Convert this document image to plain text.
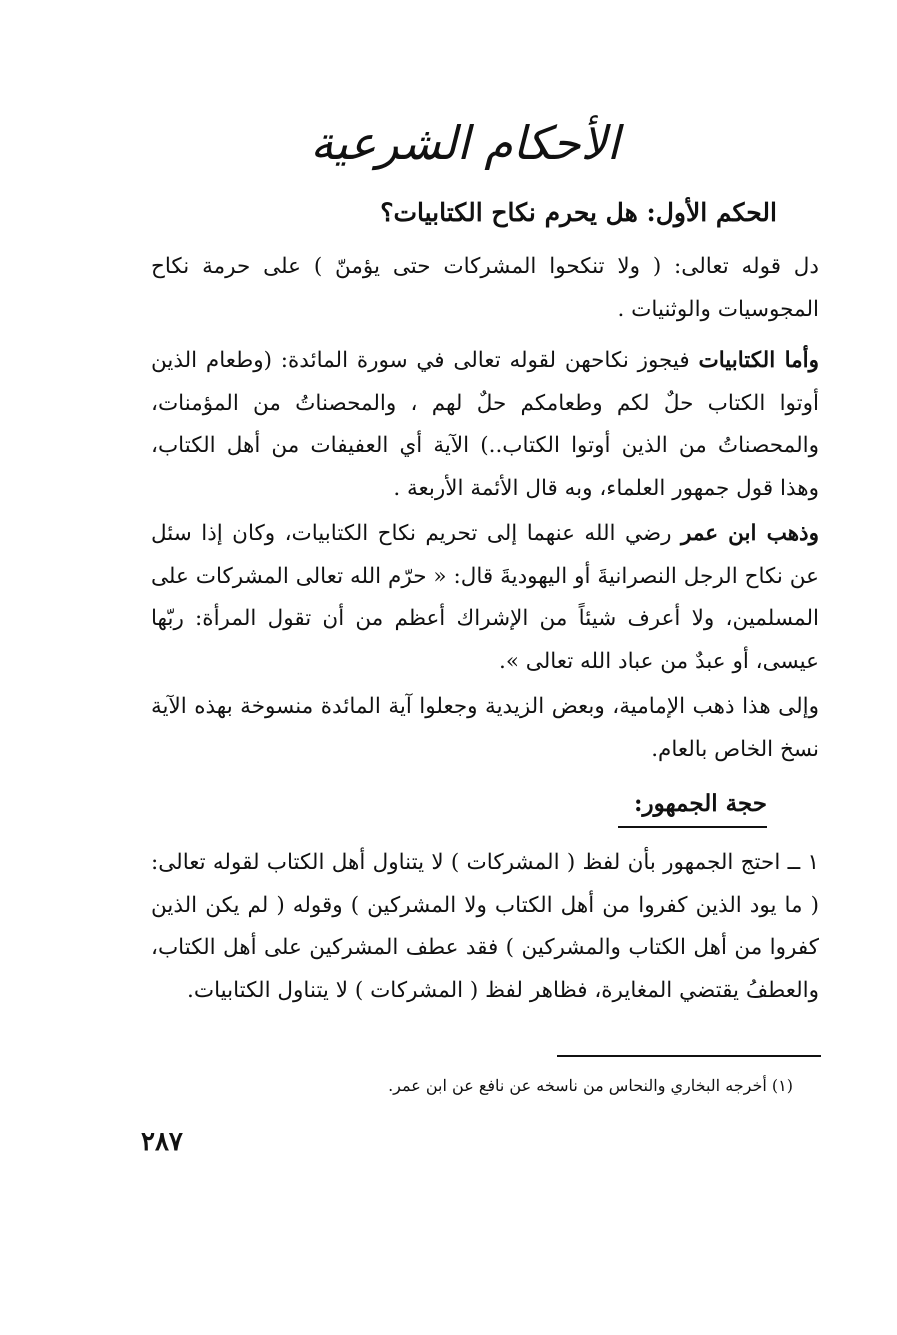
الأحكام الشرعية
الحكم الأول: هل يحرم نكاح الكتابيات؟

دل قوله تعالى: ( ولا تنكحوا المشركات حتى يؤمنّ ) على حرمة نكاح المجوسيات والوثنيات .

وأما الكتابيات فيجوز نكاحهن لقوله تعالى في سورة المائدة: (وطعام الذين أوتوا الكتاب حلٌ لكم وطعامكم حلٌ لهم ، والمحصناتُ من المؤمنات، والمحصناتُ من الذين أوتوا الكتاب..) الآية أي العفيفات من أهل الكتاب، وهذا قول جمهور العلماء، وبه قال الأئمة الأربعة .

وذهب ابن عمر رضي الله عنهما إلى تحريم نكاح الكتابيات، وكان إذا سئل عن نكاح الرجل النصرانيةَ أو اليهوديةَ قال: « حرّم الله تعالى المشركات على المسلمين، ولا أعرف شيئاً من الإشراك أعظم من أن تقول المرأة: ربّها عيسى، أو عبدٌ من عباد الله تعالى ».

وإلى هذا ذهب الإمامية، وبعض الزيدية وجعلوا آية المائدة منسوخة بهذه الآية نسخ الخاص بالعام.

حجة الجمهور:

١ ــ احتج الجمهور بأن لفظ ( المشركات ) لا يتناول أهل الكتاب لقوله تعالى: ( ما يود الذين كفروا من أهل الكتاب ولا المشركين ) وقوله ( لم يكن الذين كفروا من أهل الكتاب والمشركين ) فقد عطف المشركين على أهل الكتاب، والعطفُ يقتضي المغايرة، فظاهر لفظ ( المشركات ) لا يتناول الكتابيات.

(١) أخرجه البخاري والنحاس من ناسخه عن نافع عن ابن عمر.
٢٨٧
